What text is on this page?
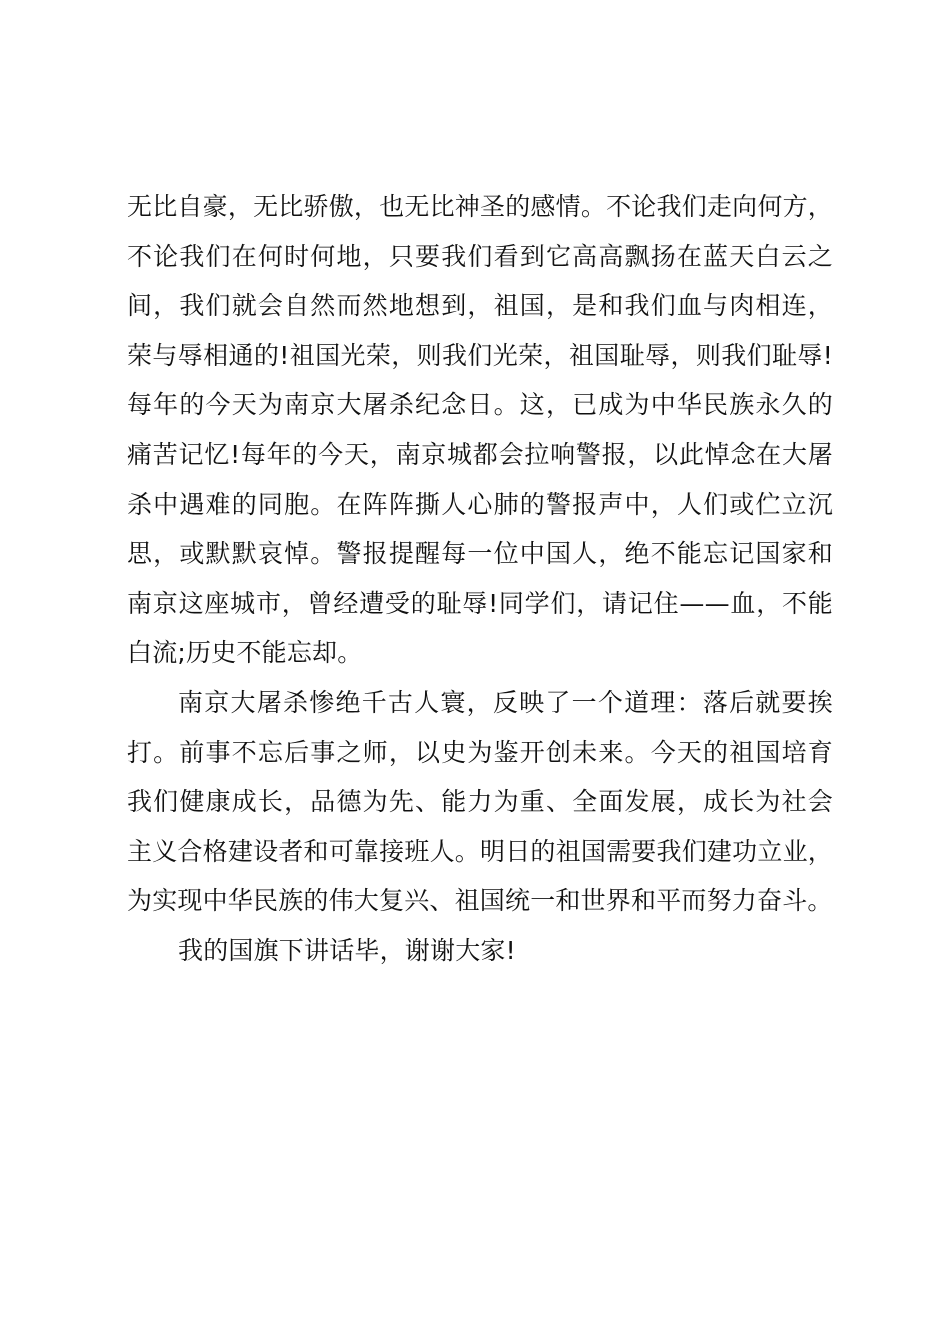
无比自豪，无比骄傲，也无比神圣的感情。不论我们走向何方，
不论我们在何时何地，只要我们看到它高高飘扬在蓝天白云之
间，我们就会自然而然地想到，祖国，是和我们血与肉相连，
荣与辱相通的!祖国光荣，则我们光荣，祖国耻辱，则我们耻辱!
每年的今天为南京大屠杀纪念日。这，已成为中华民族永久的
痛苦记忆!每年的今天，南京城都会拉响警报，以此悼念在大屠
杀中遇难的同胞。在阵阵撕人心肺的警报声中，人们或伫立沉
思，或默默哀悼。警报提醒每一位中国人，绝不能忘记国家和
南京这座城市，曾经遭受的耻辱!同学们，请记住——血，不能
白流;历史不能忘却。
南京大屠杀惨绝千古人寰，反映了一个道理：落后就要挨
打。前事不忘后事之师，以史为鉴开创未来。今天的祖国培育
我们健康成长，品德为先、能力为重、全面发展，成长为社会
主义合格建设者和可靠接班人。明日的祖国需要我们建功立业，
为实现中华民族的伟大复兴、祖国统一和世界和平而努力奋斗。
我的国旗下讲话毕，谢谢大家!
